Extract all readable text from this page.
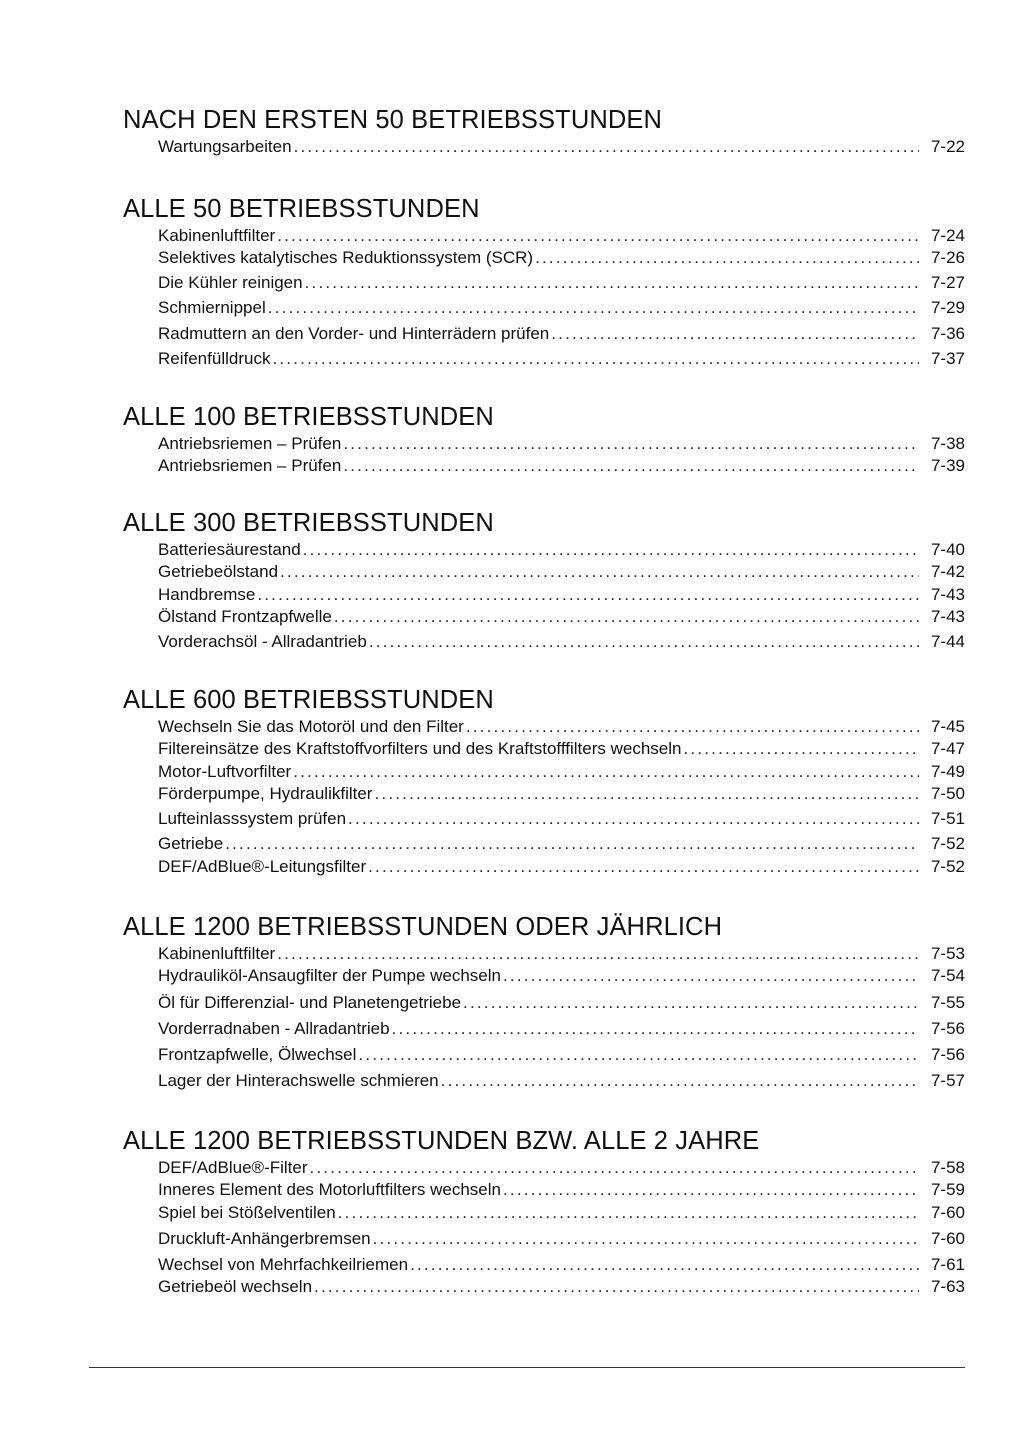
NACH DEN ERSTEN 50 BETRIEBSSTUNDEN
Wartungsarbeiten .....	7-22
ALLE 50 BETRIEBSSTUNDEN
Kabinenluftfilter .....	7-24
Selektives katalytisches Reduktionssystem (SCR) .....	7-26
Die Kühler reinigen .....	7-27
Schmiernippel .....	7-29
Radmuttern an den Vorder- und Hinterrädern prüfen .....	7-36
Reifenfülldruck .....	7-37
ALLE 100 BETRIEBSSTUNDEN
Antriebsriemen – Prüfen .....	7-38
Antriebsriemen – Prüfen .....	7-39
ALLE 300 BETRIEBSSTUNDEN
Batteriesäurestand .....	7-40
Getriebeölstand .....	7-42
Handbremse .....	7-43
Ölstand Frontzapfwelle .....	7-43
Vorderachsöl - Allradantrieb .....	7-44
ALLE 600 BETRIEBSSTUNDEN
Wechseln Sie das Motoröl und den Filter .....	7-45
Filtereinsätze des Kraftstoffvorfilters und des Kraftstofffilters wechseln .....	7-47
Motor-Luftvorfilter .....	7-49
Förderpumpe, Hydraulikfilter .....	7-50
Lufteinlasssystem prüfen .....	7-51
Getriebe .....	7-52
DEF/AdBlue®-Leitungsfilter .....	7-52
ALLE 1200 BETRIEBSSTUNDEN ODER JÄHRLICH
Kabinenluftfilter .....	7-53
Hydrauliköl-Ansaugfilter der Pumpe wechseln .....	7-54
Öl für Differenzial- und Planetengetriebe .....	7-55
Vorderradnaben - Allradantrieb .....	7-56
Frontzapfwelle, Ölwechsel .....	7-56
Lager der Hinterachswelle schmieren .....	7-57
ALLE 1200 BETRIEBSSTUNDEN BZW. ALLE 2 JAHRE
DEF/AdBlue®-Filter .....	7-58
Inneres Element des Motorluftfilters wechseln .....	7-59
Spiel bei Stößelventilen .....	7-60
Druckluft-Anhängerbremsen .....	7-60
Wechsel von Mehrfachkeilriemen .....	7-61
Getriebeöl wechseln .....	7-63
